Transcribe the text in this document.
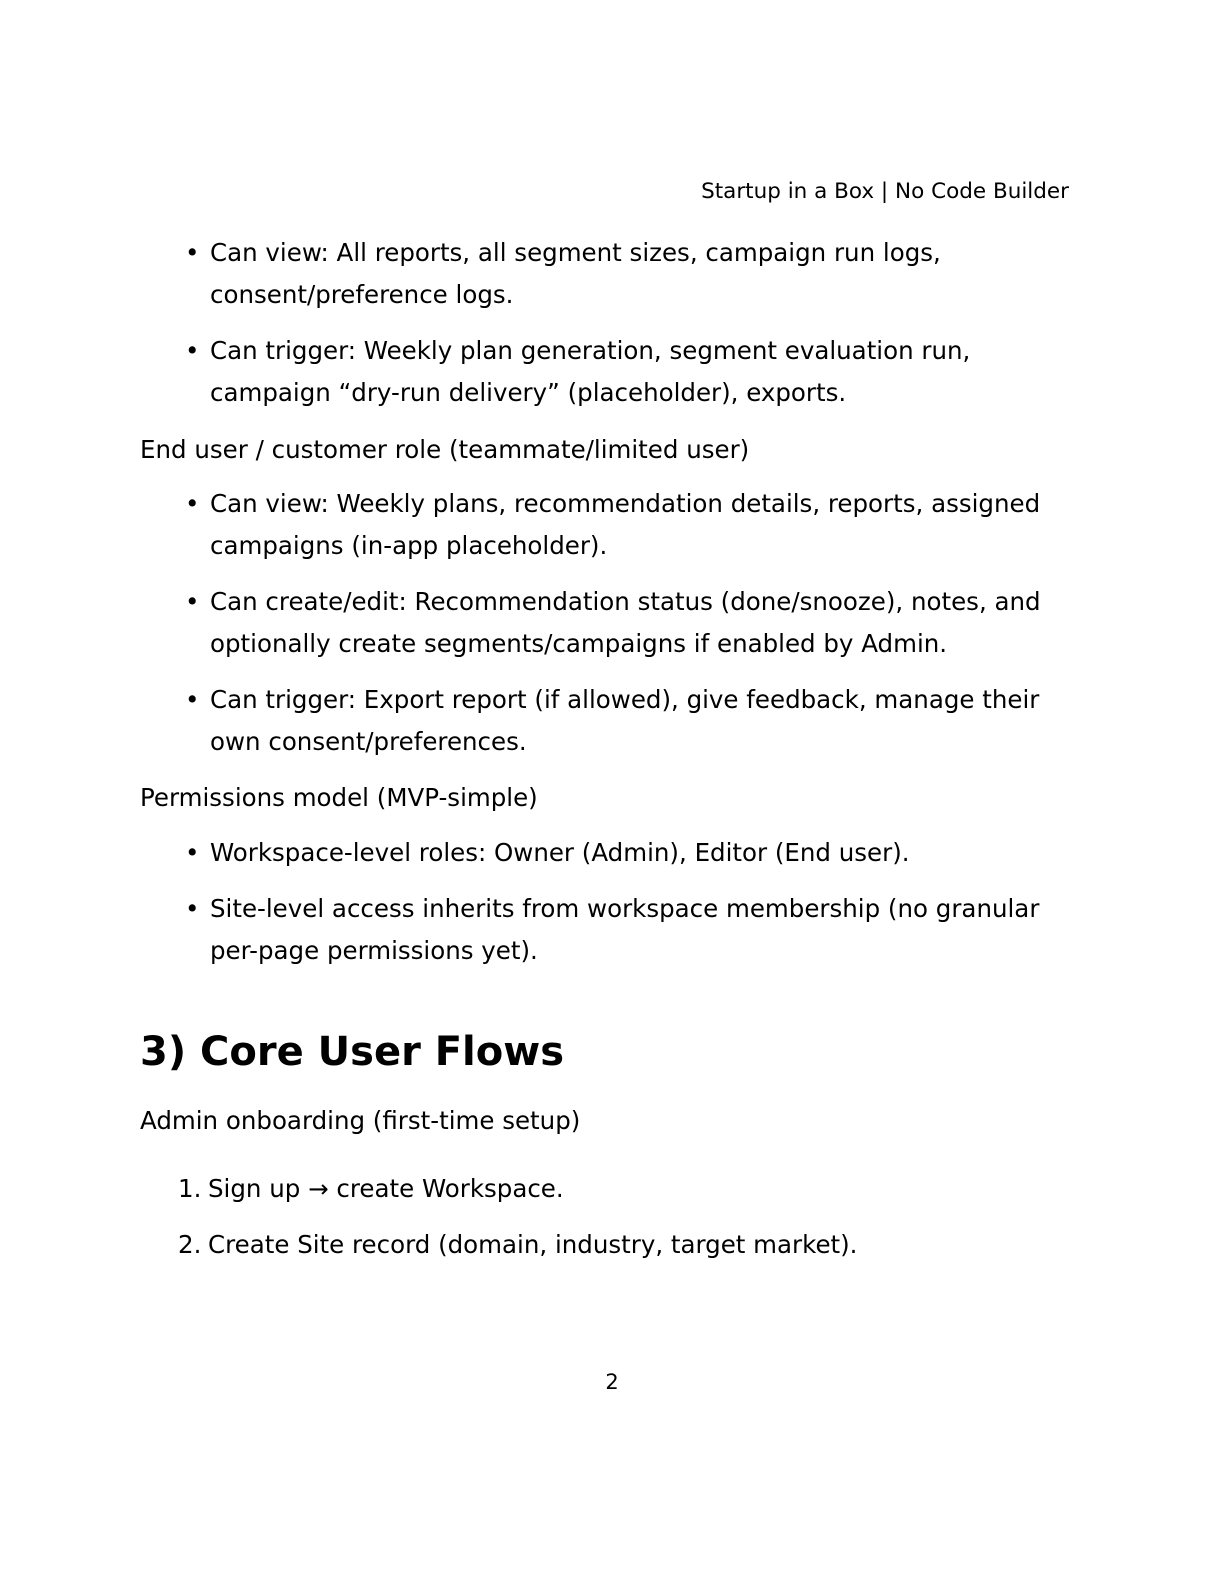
Startup in a Box | No Code Builder
• Can view: All reports, all segment sizes, campaign run logs, consent/preference logs.
• Can trigger: Weekly plan generation, segment evaluation run, campaign “dry-run delivery” (placeholder), exports.

End user / customer role (teammate/limited user)

• Can view: Weekly plans, recommendation details, reports, assigned campaigns (in-app placeholder).
• Can create/edit: Recommendation status (done/snooze), notes, and optionally create segments/campaigns if enabled by Admin.
• Can trigger: Export report (if allowed), give feedback, manage their own consent/preferences.

Permissions model (MVP-simple)

• Workspace-level roles: Owner (Admin), Editor (End user).
• Site-level access inherits from workspace membership (no granular per-page permissions yet).
3) Core User Flows

Admin onboarding (first-time setup)

1. Sign up → create Workspace.
2. Create Site record (domain, industry, target market).
2
